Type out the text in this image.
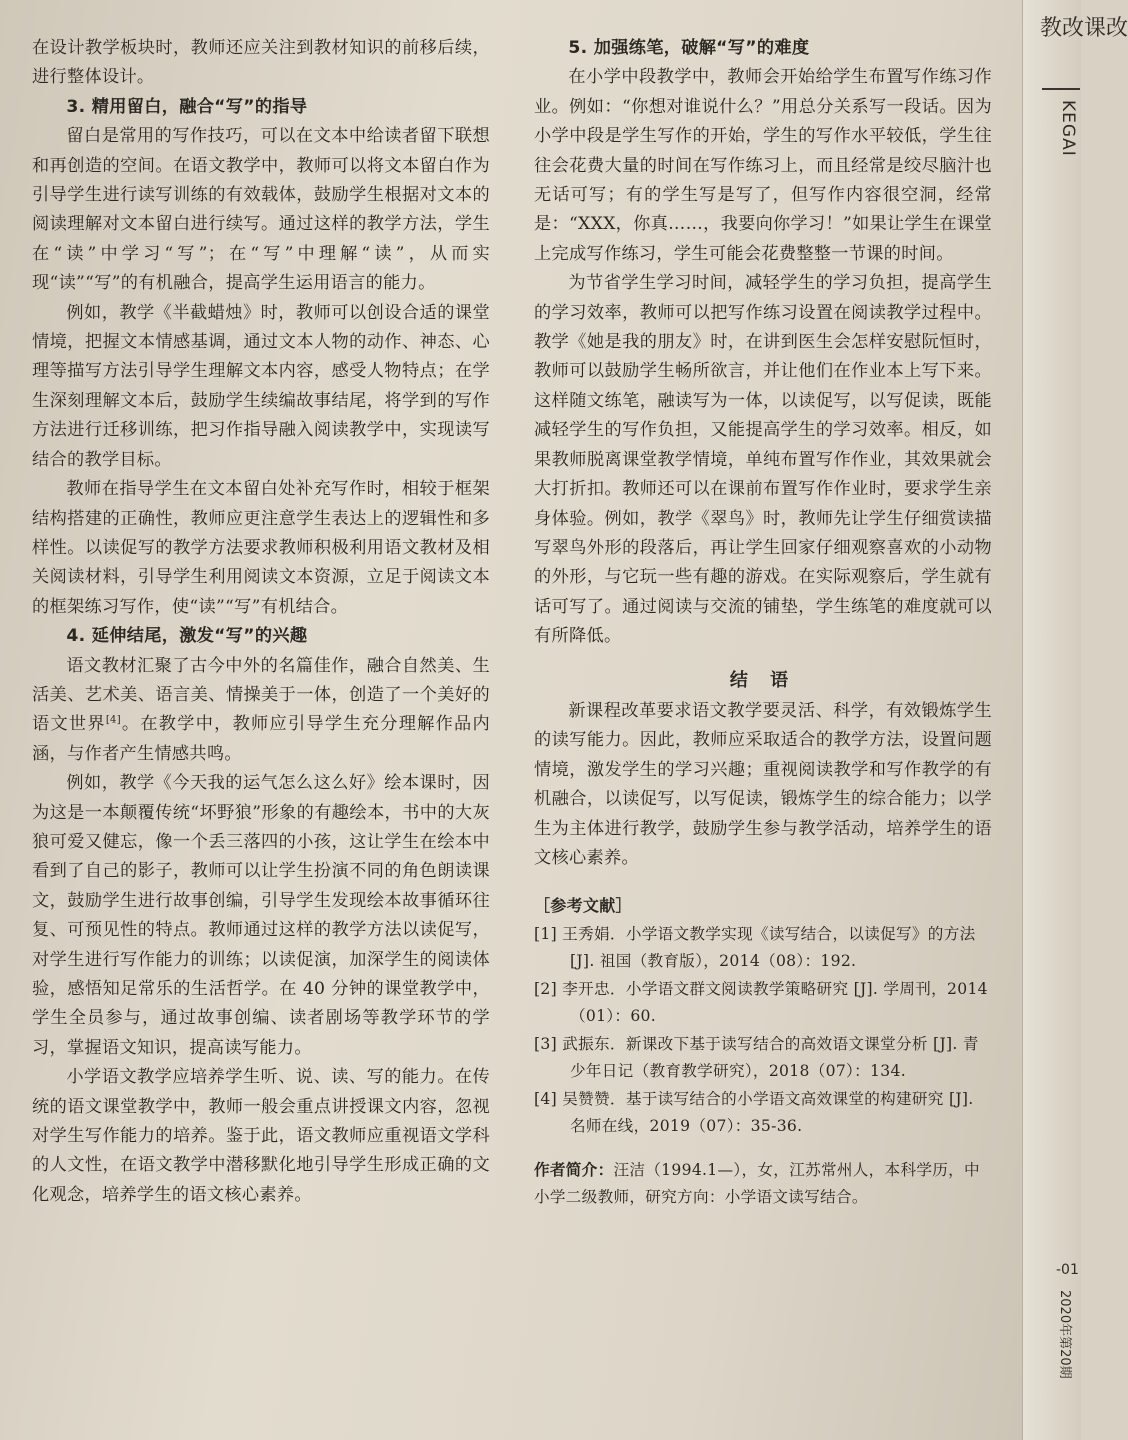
在设计教学板块时，教师还应关注到教材知识的前移后续，进行整体设计。

3. 精用留白，融合“写”的指导

留白是常用的写作技巧，可以在文本中给读者留下联想和再创造的空间。在语文教学中，教师可以将文本留白作为引导学生进行读写训练的有效载体，鼓励学生根据对文本的阅读理解对文本留白进行续写。通过这样的教学方法，学生在“读”中学习“写”；在“写”中理解“读”，从而实现“读”“写”的有机融合，提高学生运用语言的能力。

例如，教学《半截蜡烛》时，教师可以创设合适的课堂情境，把握文本情感基调，通过文本人物的动作、神态、心理等描写方法引导学生理解文本内容，感受人物特点；在学生深刻理解文本后，鼓励学生续编故事结尾，将学到的写作方法进行迁移训练，把习作指导融入阅读教学中，实现读写结合的教学目标。

教师在指导学生在文本留白处补充写作时，相较于框架结构搭建的正确性，教师应更注意学生表达上的逻辑性和多样性。以读促写的教学方法要求教师积极利用语文教材及相关阅读材料，引导学生利用阅读文本资源，立足于阅读文本的框架练习写作，使“读”“写”有机结合。

4. 延伸结尾，激发“写”的兴趣

语文教材汇聚了古今中外的名篇佳作，融合自然美、生活美、艺术美、语言美、情操美于一体，创造了一个美好的语文世界[4]。在教学中，教师应引导学生充分理解作品内涵，与作者产生情感共鸣。

例如，教学《今天我的运气怎么这么好》绘本课时，因为这是一本颠覆传统“坏野狼”形象的有趣绘本，书中的大灰狼可爱又健忘，像一个丢三落四的小孩，这让学生在绘本中看到了自己的影子，教师可以让学生扮演不同的角色朗读课文，鼓励学生进行故事创编，引导学生发现绘本故事循环往复、可预见性的特点。教师通过这样的教学方法以读促写，对学生进行写作能力的训练；以读促演，加深学生的阅读体验，感悟知足常乐的生活哲学。在 40 分钟的课堂教学中，学生全员参与，通过故事创编、读者剧场等教学环节的学习，掌握语文知识，提高读写能力。

小学语文教学应培养学生听、说、读、写的能力。在传统的语文课堂教学中，教师一般会重点讲授课文内容，忽视对学生写作能力的培养。鉴于此，语文教师应重视语文学科的人文性，在语文教学中潜移默化地引导学生形成正确的文化观念，培养学生的语文核心素养。

5. 加强练笔，破解“写”的难度

在小学中段教学中，教师会开始给学生布置写作练习作业。例如：“你想对谁说什么？”用总分关系写一段话。因为小学中段是学生写作的开始，学生的写作水平较低，学生往往会花费大量的时间在写作练习上，而且经常是绞尽脑汁也无话可写；有的学生写是写了，但写作内容很空洞，经常是：“XXX，你真……，我要向你学习！”如果让学生在课堂上完成写作练习，学生可能会花费整整一节课的时间。

为节省学生学习时间，减轻学生的学习负担，提高学生的学习效率，教师可以把写作练习设置在阅读教学过程中。教学《她是我的朋友》时，在讲到医生会怎样安慰阮恒时，教师可以鼓励学生畅所欲言，并让他们在作业本上写下来。这样随文练笔，融读写为一体，以读促写，以写促读，既能减轻学生的写作负担，又能提高学生的学习效率。相反，如果教师脱离课堂教学情境，单纯布置写作作业，其效果就会大打折扣。教师还可以在课前布置写作作业时，要求学生亲身体验。例如，教学《翠鸟》时，教师先让学生仔细赏读描写翠鸟外形的段落后，再让学生回家仔细观察喜欢的小动物的外形，与它玩一些有趣的游戏。在实际观察后，学生就有话可写了。通过阅读与交流的铺垫，学生练笔的难度就可以有所降低。

结 语

新课程改革要求语文教学要灵活、科学，有效锻炼学生的读写能力。因此，教师应采取适合的教学方法，设置问题情境，激发学生的学习兴趣；重视阅读教学和写作教学的有机融合，以读促写，以写促读，锻炼学生的综合能力；以学生为主体进行教学，鼓励学生参与教学活动，培养学生的语文核心素养。

［参考文献］
[1] 王秀娟．小学语文教学实现《读写结合，以读促写》的方法 [J]. 祖国（教育版），2014（08）：192.
[2] 李开忠．小学语文群文阅读教学策略研究 [J]. 学周刊，2014（01）：60.
[3] 武振东．新课改下基于读写结合的高效语文课堂分析 [J]. 青少年日记（教育教学研究），2018（07）：134.
[4] 吴赞赞．基于读写结合的小学语文高效课堂的构建研究 [J]. 名师在线，2019（07）：35-36.
作者简介：汪洁（1994.1—），女，江苏常州人，本科学历，中小学二级教师，研究方向：小学语文读写结合。
教改课改
KEGAI
-01
2020年第20期
